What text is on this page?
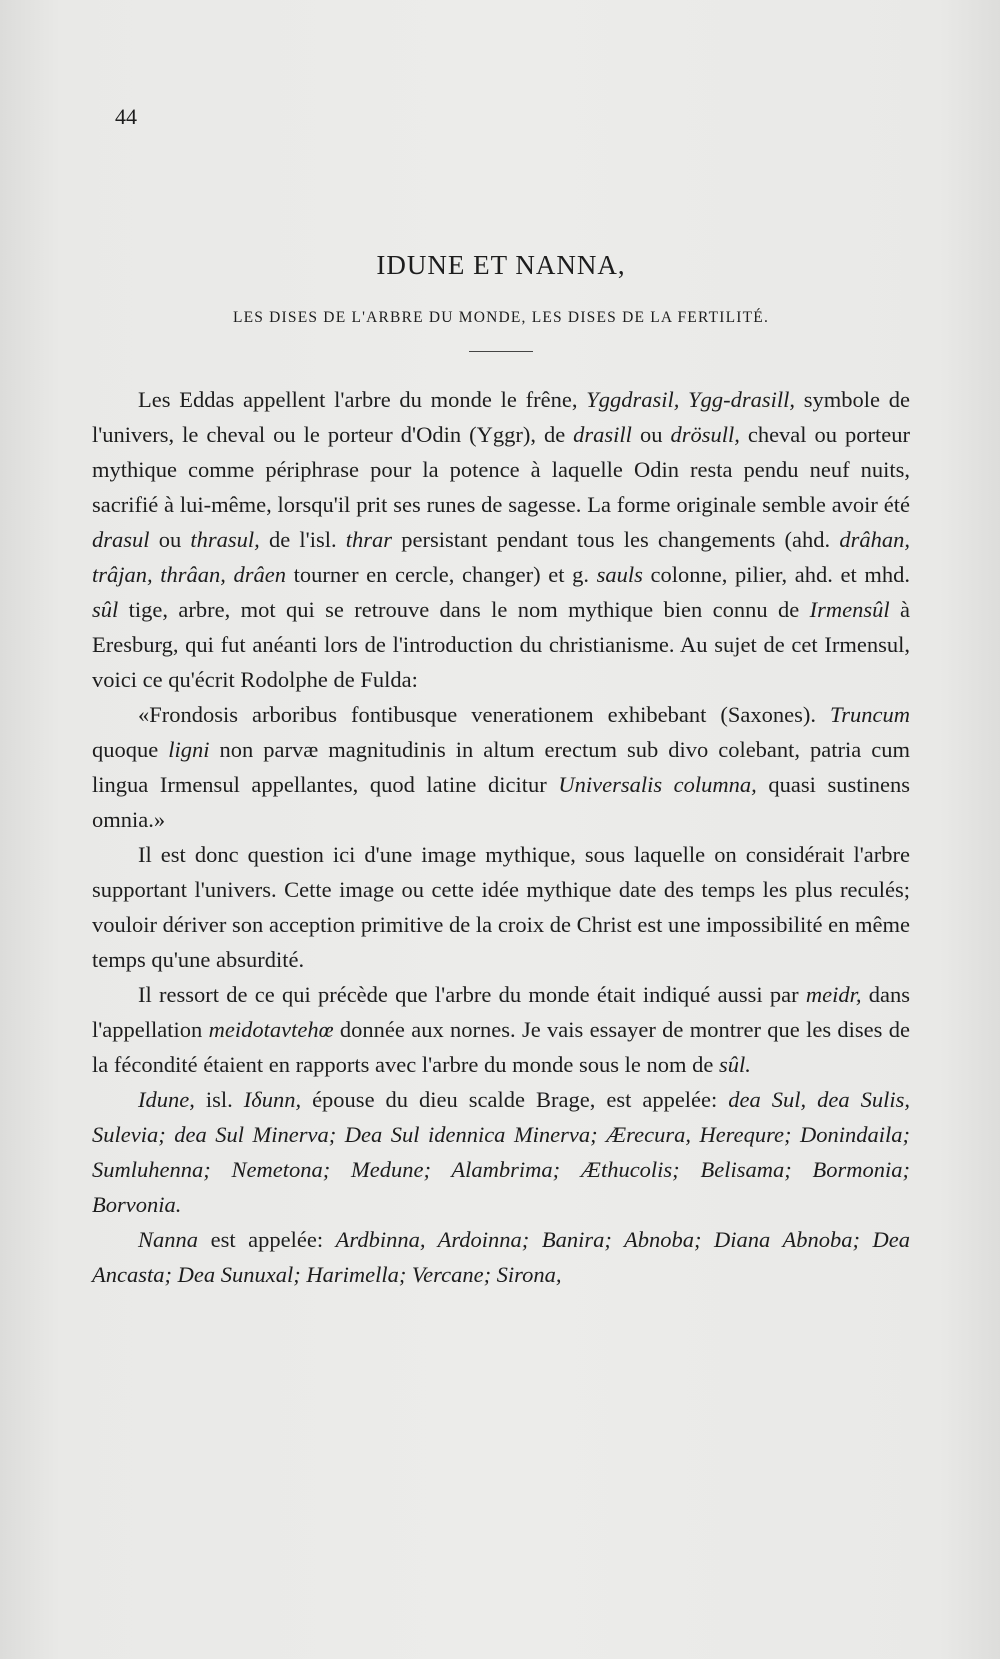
44
IDUNE ET NANNA,
LES DISES DE L'ARBRE DU MONDE, LES DISES DE LA FERTILITÉ.

Les Eddas appellent l'arbre du monde le frêne, Yggdrasil, Ygg-drasill, symbole de l'univers, le cheval ou le porteur d'Odin (Yggr), de drasill ou drösull, cheval ou porteur mythique comme périphrase pour la potence à laquelle Odin resta pendu neuf nuits, sacrifié à lui-même, lorsqu'il prit ses runes de sagesse. La forme originale semble avoir été drasul ou thrasul, de l'isl. thrar persistant pendant tous les changements (ahd. drâhan, trâjan, thrâan, drâen tourner en cercle, changer) et g. sauls colonne, pilier, ahd. et mhd. sûl tige, arbre, mot qui se retrouve dans le nom mythique bien connu de Irmensûl à Eresburg, qui fut anéanti lors de l'introduction du christianisme. Au sujet de cet Irmensul, voici ce qu'écrit Rodolphe de Fulda:

«Frondosis arboribus fontibusque venerationem exhibebant (Saxones). Truncum quoque ligni non parvæ magnitudinis in altum erectum sub divo colebant, patria cum lingua Irmensul appellantes, quod latine dicitur Universalis columna, quasi sustinens omnia.»

Il est donc question ici d'une image mythique, sous laquelle on considérait l'arbre supportant l'univers. Cette image ou cette idée mythique date des temps les plus reculés; vouloir dériver son acception primitive de la croix de Christ est une impossibilité en même temps qu'une absurdité.

Il ressort de ce qui précède que l'arbre du monde était indiqué aussi par meidr, dans l'appellation meidotavtehœ donnée aux nornes. Je vais essayer de montrer que les dises de la fécondité étaient en rapports avec l'arbre du monde sous le nom de sûl.

Idune, isl. Iδunn, épouse du dieu scalde Brage, est appelée: dea Sul, dea Sulis, Sulevia; dea Sul Minerva; Dea Sul idennica Minerva; Ærecura, Herequre; Donindaila; Sumluhenna; Nemetona; Medune; Alambrima; Æthucolis; Belisama; Bormonia; Borvonia.

Nanna est appelée: Ardbinna, Ardoinna; Banira; Abnoba; Diana Abnoba; Dea Ancasta; Dea Sunuxal; Harimella; Vercane; Sirona,
